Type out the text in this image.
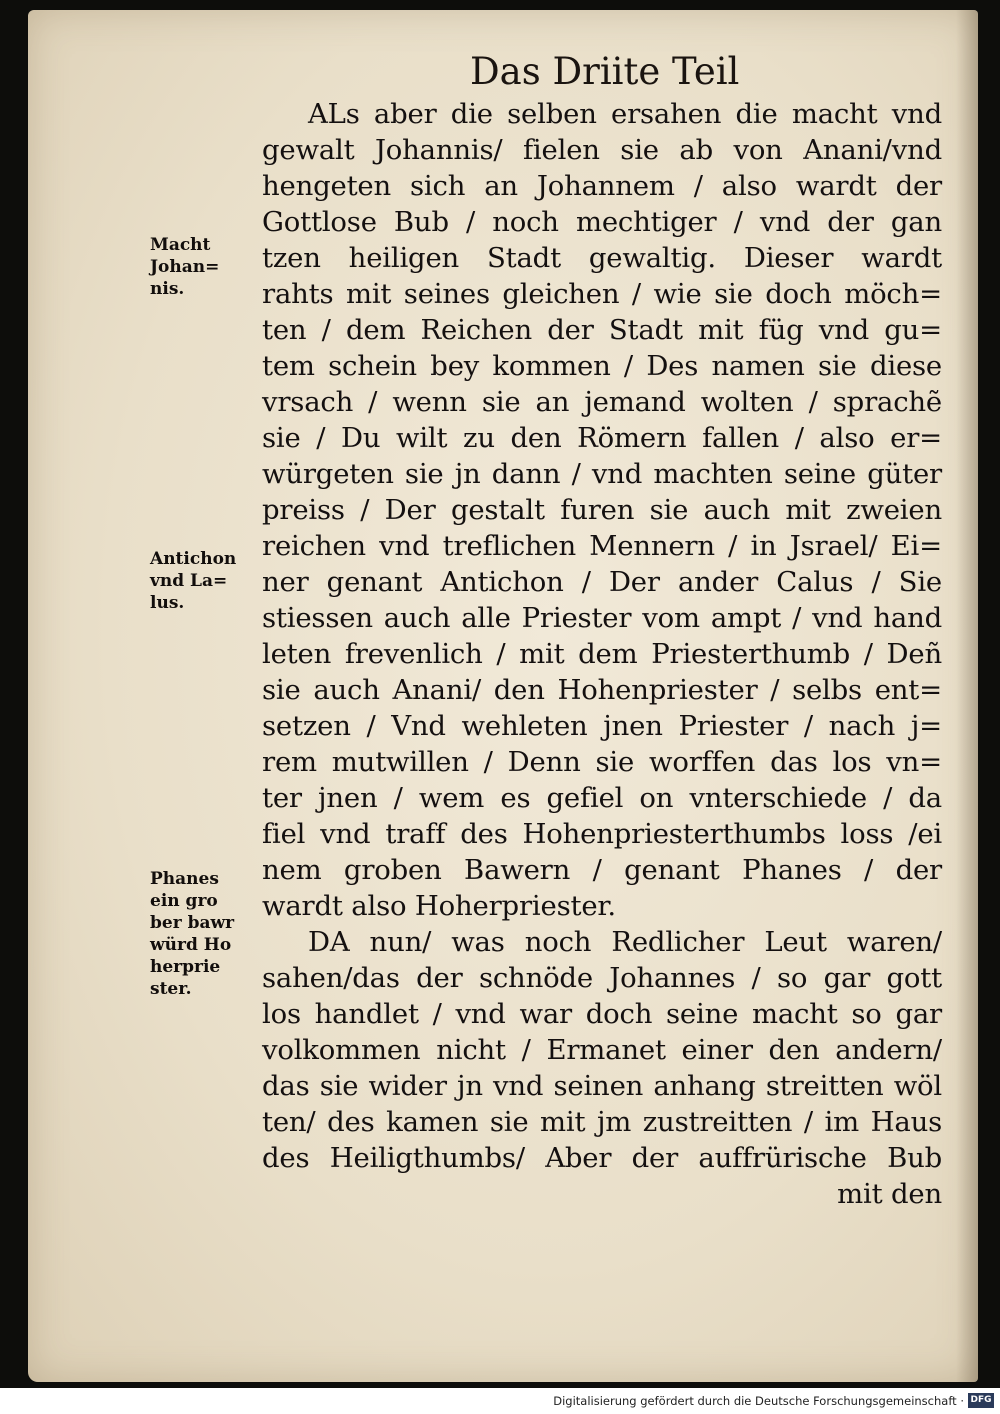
Das Driite Teil
ALs aber die selben ersahen die macht vnd
gewalt Johannis/ fielen sie ab von Anani/vnd
hengeten sich an Johannem / also wardt der
Gottlose Bub / noch mechtiger / vnd der gan
tzen heiligen Stadt gewaltig. Dieser wardt
rahts mit seines gleichen / wie sie doch möch=
ten / dem Reichen der Stadt mit füg vnd gu=
tem schein bey kommen / Des namen sie diese
vrsach / wenn sie an jemand wolten / sprachẽ
sie / Du wilt zu den Römern fallen / also er=
würgeten sie jn dann / vnd machten seine güter
preiss / Der gestalt furen sie auch mit zweien
reichen vnd treflichen Mennern / in Jsrael/ Ei=
ner genant Antichon / Der ander Calus / Sie
stiessen auch alle Priester vom ampt / vnd hand
leten frevenlich / mit dem Priesterthumb / Deñ
sie auch Anani/ den Hohenpriester / selbs ent=
setzen / Vnd wehleten jnen Priester / nach j=
rem mutwillen / Denn sie worffen das los vn=
ter jnen / wem es gefiel on vnterschiede / da
fiel vnd traff des Hohenpriesterthumbs loss /ei
nem groben Bawern / genant Phanes / der
wardt also Hoherpriester.
DA nun/ was noch Redlicher Leut waren/
sahen/das der schnöde Johannes / so gar gott
los handlet / vnd war doch seine macht so gar
volkommen nicht / Ermanet einer den andern/
das sie wider jn vnd seinen anhang streitten wöl
ten/ des kamen sie mit jm zustreitten / im Haus
des Heiligthumbs/ Aber der auffrürische Bub
mit den
Macht
Johan=
nis.
Antichon
vnd La=
lus.
Phanes
ein gro
ber bawr
würd Ho
herprie
ster.
Digitalisierung gefördert durch die Deutsche Forschungsgemeinschaft · DFG
